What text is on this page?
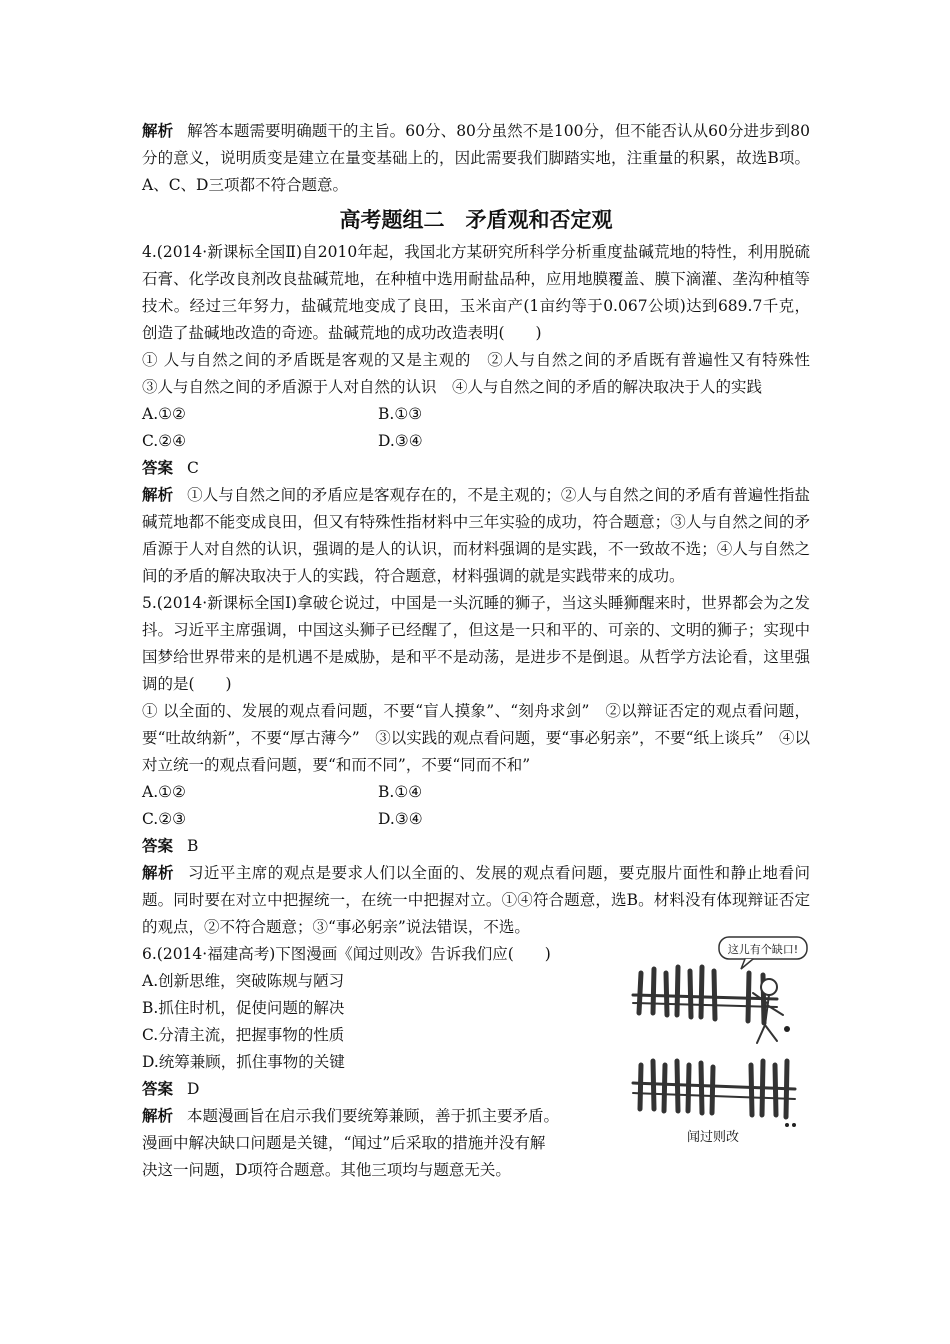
解析 解答本题需要明确题干的主旨。60分、80分虽然不是100分，但不能否认从60分进步到80分的意义，说明质变是建立在量变基础上的，因此需要我们脚踏实地，注重量的积累，故选B项。A、C、D三项都不符合题意。

高考题组二　矛盾观和否定观

4.(2014·新课标全国Ⅱ)自2010年起，我国北方某研究所科学分析重度盐碱荒地的特性，利用脱硫石膏、化学改良剂改良盐碱荒地，在种植中选用耐盐品种，应用地膜覆盖、膜下滴灌、垄沟种植等技术。经过三年努力，盐碱荒地变成了良田，玉米亩产(1亩约等于0.067公顷)达到689.7千克，创造了盐碱地改造的奇迹。盐碱荒地的成功改造表明(　　)

① 人与自然之间的矛盾既是客观的又是主观的　②人与自然之间的矛盾既有普遍性又有特殊性　③人与自然之间的矛盾源于人对自然的认识　④人与自然之间的矛盾的解决取决于人的实践

A.①②	B.①③
C.②④	D.③④

答案 C

解析 ①人与自然之间的矛盾应是客观存在的，不是主观的；②人与自然之间的矛盾有普遍性指盐碱荒地都不能变成良田，但又有特殊性指材料中三年实验的成功，符合题意；③人与自然之间的矛盾源于人对自然的认识，强调的是人的认识，而材料强调的是实践，不一致故不选；④人与自然之间的矛盾的解决取决于人的实践，符合题意，材料强调的就是实践带来的成功。

5.(2014·新课标全国Ⅰ)拿破仑说过，中国是一头沉睡的狮子，当这头睡狮醒来时，世界都会为之发抖。习近平主席强调，中国这头狮子已经醒了，但这是一只和平的、可亲的、文明的狮子；实现中国梦给世界带来的是机遇不是威胁，是和平不是动荡，是进步不是倒退。从哲学方法论看，这里强调的是(　　)

① 以全面的、发展的观点看问题，不要“盲人摸象”、“刻舟求剑”　②以辩证否定的观点看问题，要“吐故纳新”，不要“厚古薄今”　③以实践的观点看问题，要“事必躬亲”，不要“纸上谈兵”　④以对立统一的观点看问题，要“和而不同”，不要“同而不和”

A.①②	B.①④
C.②③	D.③④

答案 B

解析 习近平主席的观点是要求人们以全面的、发展的观点看问题，要克服片面性和静止地看问题。同时要在对立中把握统一，在统一中把握对立。①④符合题意，选B。材料没有体现辩证否定的观点，②不符合题意；③“事必躬亲”说法错误，不选。

6.(2014·福建高考)下图漫画《闻过则改》告诉我们应(　　)

A.创新思维，突破陈规与陋习

B.抓住时机，促使问题的解决

C.分清主流，把握事物的性质

D.统筹兼顾，抓住事物的关键

答案 D

解析 本题漫画旨在启示我们要统筹兼顾，善于抓主要矛盾。

漫画中解决缺口问题是关键，“闻过”后采取的措施并没有解

决这一问题，D项符合题意。其他三项均与题意无关。

这儿有个缺口!
闻过则改
